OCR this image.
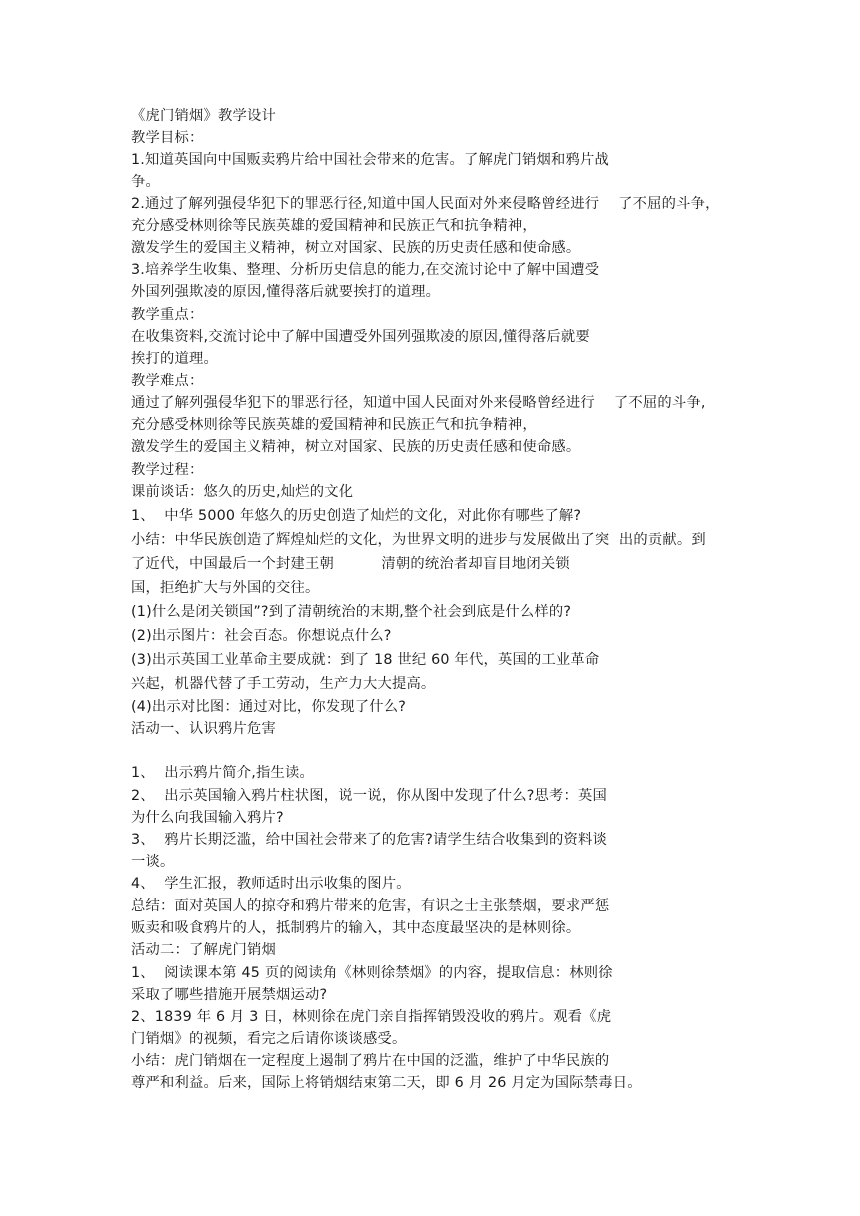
《虎门销烟》教学设计
教学目标：
1.知道英国向中国贩卖鸦片给中国社会带来的危害。了解虎门销烟和鸦片战
争。
2.通过了解列强侵华犯下的罪恶行径,知道中国人民面对外来侵略曾经进行    了不屈的斗争，
充分感受林则徐等民族英雄的爱国精神和民族正气和抗争精神，
激发学生的爱国主义精神，树立对国家、民族的历史责任感和使命感。
3.培养学生收集、整理、分析历史信息的能力,在交流讨论中了解中国遭受
外国列强欺凌的原因,懂得落后就要挨打的道理。
教学重点：
在收集资料,交流讨论中了解中国遭受外国列强欺凌的原因,懂得落后就要
挨打的道理。
教学难点：
通过了解列强侵华犯下的罪恶行径，知道中国人民面对外来侵略曾经进行    了不屈的斗争,
充分感受林则徐等民族英雄的爱国精神和民族正气和抗争精神，
激发学生的爱国主义精神，树立对国家、民族的历史责任感和使命感。
教学过程：
课前谈话：悠久的历史,灿烂的文化
1、  中华 5000 年悠久的历史创造了灿烂的文化，对此你有哪些了解?
小结：中华民族创造了辉煌灿烂的文化，为世界文明的进步与发展做出了突  出的贡献。到
了近代，中国最后一个封建王朝          清朝的统治者却盲目地闭关锁
国，拒绝扩大与外国的交往。
(1)什么是闭关锁国”?到了清朝统治的末期,整个社会到底是什么样的?
(2)出示图片：社会百态。你想说点什么?
(3)出示英国工业革命主要成就：到了 18 世纪 60 年代，英国的工业革命
兴起，机器代替了手工劳动，生产力大大提高。
(4)出示对比图：通过对比，你发现了什么?
活动一、认识鸦片危害
1、  出示鸦片简介,指生读。
2、  出示英国输入鸦片柱状图，说一说，你从图中发现了什么?思考：英国
为什么向我国输入鸦片?
3、  鸦片长期泛滥，给中国社会带来了的危害?请学生结合收集到的资料谈
一谈。
4、  学生汇报，教师适时出示收集的图片。
总结：面对英国人的掠夺和鸦片带来的危害，有识之士主张禁烟，要求严惩
贩卖和吸食鸦片的人，抵制鸦片的输入，其中态度最坚决的是林则徐。
活动二：了解虎门销烟
1、  阅读课本第 45 页的阅读角《林则徐禁烟》的内容，提取信息：林则徐
采取了哪些措施开展禁烟运动?
2、1839 年 6 月 3 日，林则徐在虎门亲自指挥销毁没收的鸦片。观看《虎
门销烟》的视频，看完之后请你谈谈感受。
小结：虎门销烟在一定程度上遏制了鸦片在中国的泛滥，维护了中华民族的
尊严和利益。后来，国际上将销烟结束第二天，即 6 月 26 月定为国际禁毒日。
